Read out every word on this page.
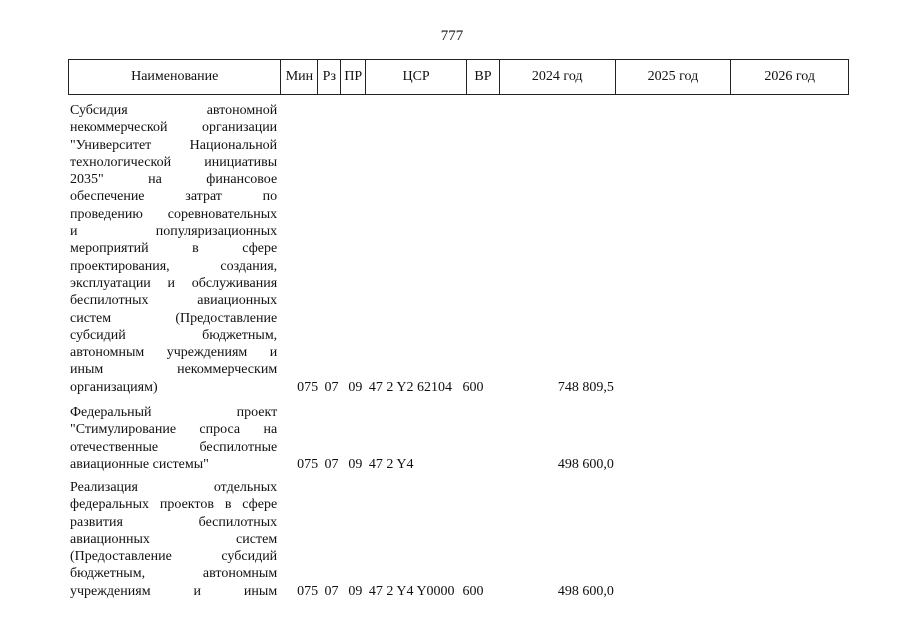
777
Наименование	Мин Рз ПР	ЦСР	ВР	2024 год	2025 год	2026 год
Субсидия автономной
некоммерческой организации
"Университет Национальной
технологической инициативы
2035" на финансовое
обеспечение затрат по
проведению соревновательных
и популяризационных
мероприятий в сфере
проектирования, создания,
эксплуатации и обслуживания
беспилотных авиационных
систем (Предоставление
субсидий бюджетным,
автономным учреждениям и
иным некоммерческим
организациям)	075 07 09 47 2 Y2 62104 600	748 809,5
Федеральный проект
"Стимулирование спроса на
отечественные беспилотные
авиационные системы"	075 07 09 47 2 Y4	498 600,0
Реализация отдельных
федеральных проектов в сфере
развития беспилотных
авиационных систем
(Предоставление субсидий
бюджетным, автономным
учреждениям и иным	075 07 09 47 2 Y4 Y0000 600	498 600,0
